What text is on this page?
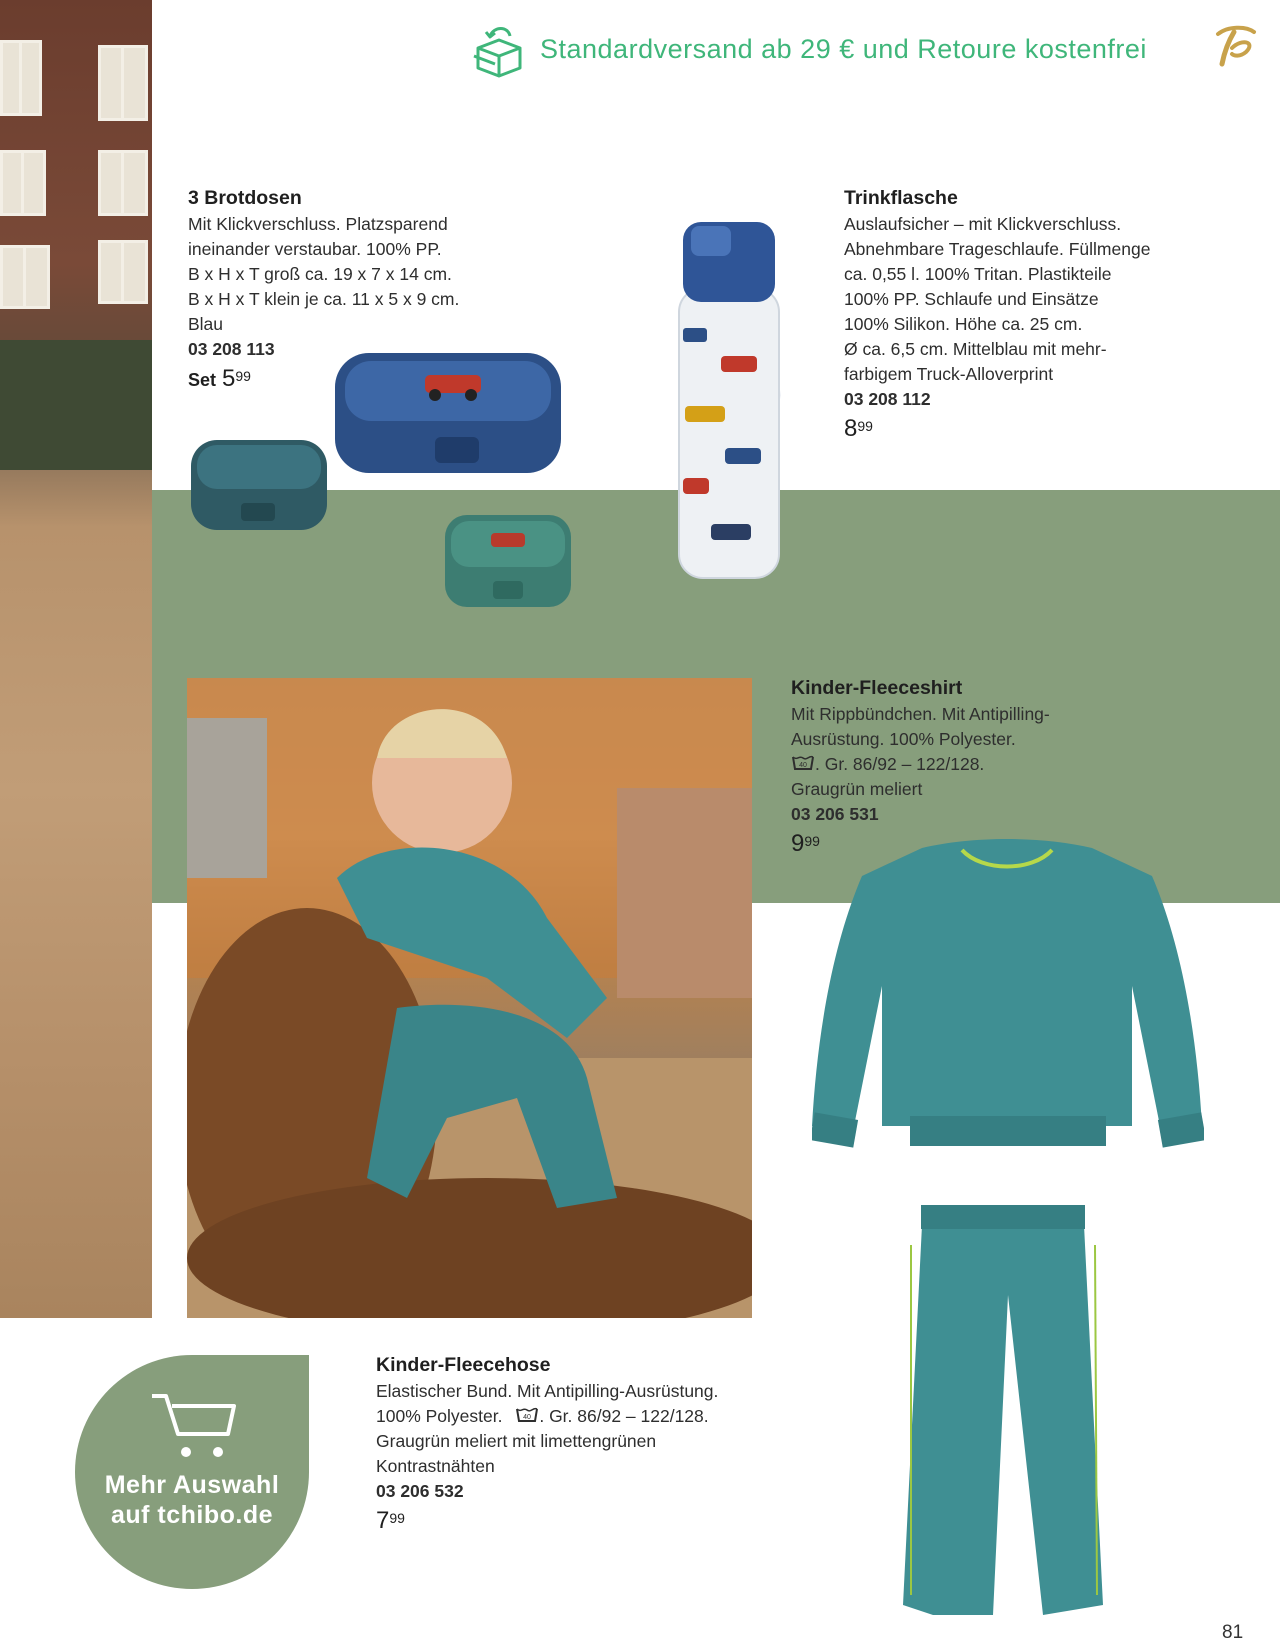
Standardversand ab 29 € und Retoure kostenfrei
3 Brotdosen
Mit Klickverschluss. Platzsparend
ineinander verstaubar. 100% PP.
B x H x T groß ca. 19 x 7 x 14 cm.
B x H x T klein je ca. 11 x 5 x 9 cm.
Blau
03 208 113
Set $5^{99}$
Trinkflasche
Auslaufsicher – mit Klickverschluss.
Abnehmbare Trageschlaufe. Füllmenge
ca. 0,55 l. 100% Tritan. Plastikteile
100% PP. Schlaufe und Einsätze
100% Silikon. Höhe ca. 25 cm.
Ø ca. 6,5 cm. Mittelblau mit mehr-
farbigem Truck-Alloverprint
03 208 112
$8^{99}$
Kinder-Fleeceshirt
Mit Rippbündchen. Mit Antipilling-
Ausrüstung. 100% Polyester.
40 . Gr. 86/92 – 122/128.
Graugrün meliert
03 206 531
$9^{99}$
Kinder-Fleecehose
Elastischer Bund. Mit Antipilling-Ausrüstung.
100% Polyester.	40 . Gr. 86/92 – 122/128.
Graugrün meliert mit limettengrünen
Kontrastnähten
03 206 532
$7^{99}$
Mehr Auswahl
auf tchibo.de
81
